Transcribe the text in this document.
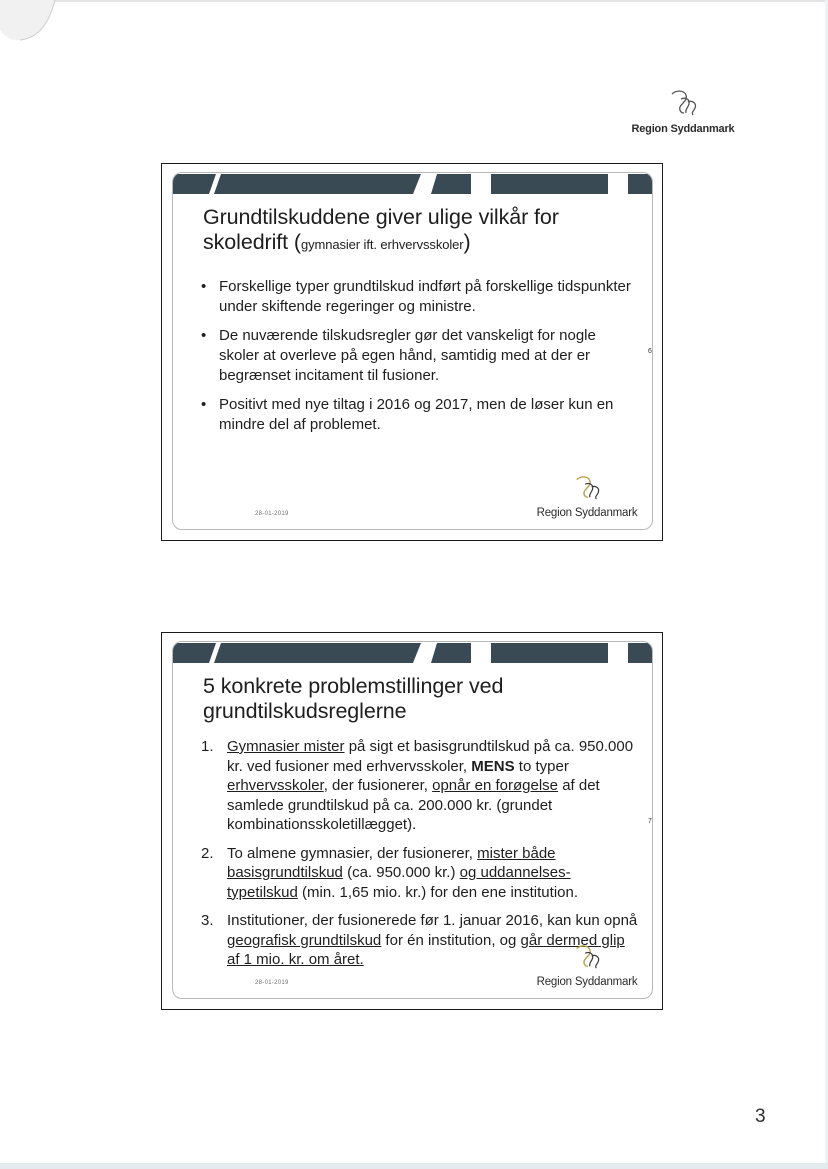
Region Syddanmark
Grundtilskuddene giver ulige vilkår for skoledrift (gymnasier ift. erhvervsskoler)
• Forskellige typer grundtilskud indført på forskellige tidspunkter under skiftende regeringer og ministre.
• De nuværende tilskudsregler gør det vanskeligt for nogle skoler at overleve på egen hånd, samtidig med at der er begrænset incitament til fusioner.
• Positivt med nye tiltag i 2016 og 2017, men de løser kun en mindre del af problemet.
28-01-2019	Region Syddanmark
6
5 konkrete problemstillinger ved grundtilskudsreglerne
1. Gymnasier mister på sigt et basisgrundtilskud på ca. 950.000 kr. ved fusioner med erhvervsskoler, MENS to typer erhvervsskoler, der fusionerer, opnår en forøgelse af det samlede grundtilskud på ca. 200.000 kr. (grundet kombinationsskoletillægget).
2. To almene gymnasier, der fusionerer, mister både basisgrundtilskud (ca. 950.000 kr.) og uddannelses-typetilskud (min. 1,65 mio. kr.) for den ene institution.
3. Institutioner, der fusionerede før 1. januar 2016, kan kun opnå geografisk grundtilskud for én institution, og går dermed glip af 1 mio. kr. om året.
28-01-2019	Region Syddanmark
7
3
